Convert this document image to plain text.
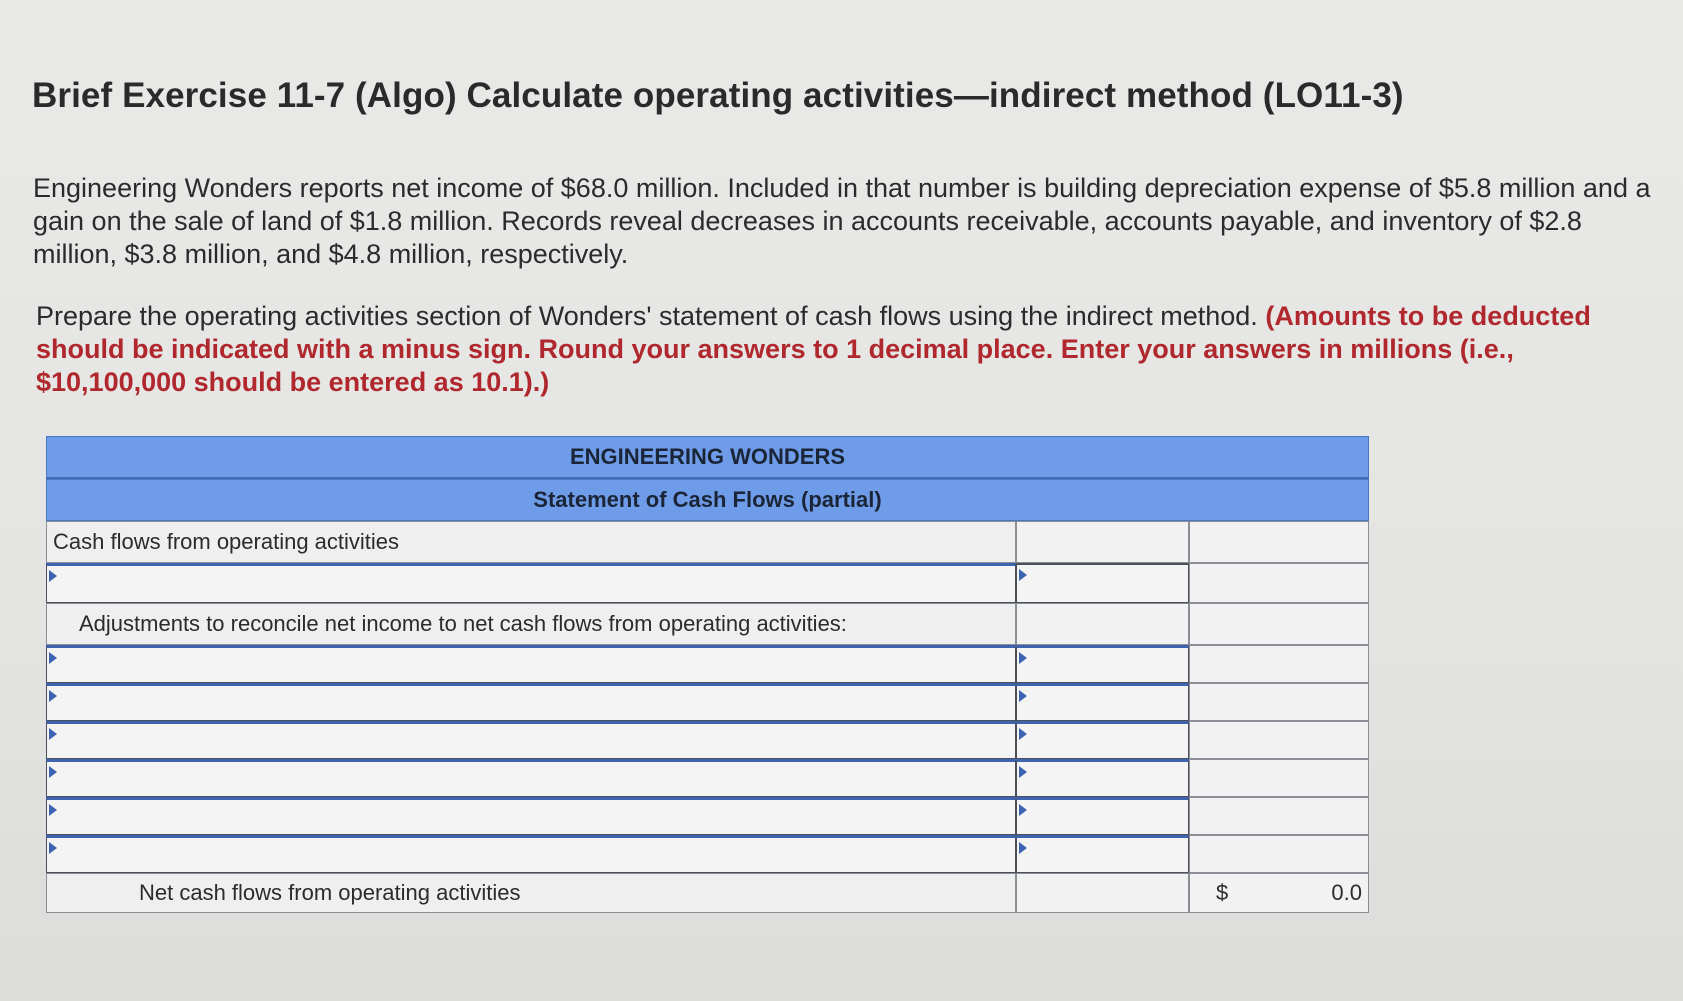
Brief Exercise 11-7 (Algo) Calculate operating activities—indirect method (LO11-3)
Engineering Wonders reports net income of $68.0 million. Included in that number is building depreciation expense of $5.8 million and a gain on the sale of land of $1.8 million. Records reveal decreases in accounts receivable, accounts payable, and inventory of $2.8 million, $3.8 million, and $4.8 million, respectively.
Prepare the operating activities section of Wonders' statement of cash flows using the indirect method. (Amounts to be deducted should be indicated with a minus sign. Round your answers to 1 decimal place. Enter your answers in millions (i.e., $10,100,000 should be entered as 10.1).)
ENGINEERING WONDERS
Statement of Cash Flows (partial)
Cash flows from operating activities
Adjustments to reconcile net income to net cash flows from operating activities:
Net cash flows from operating activities	$	0.0
